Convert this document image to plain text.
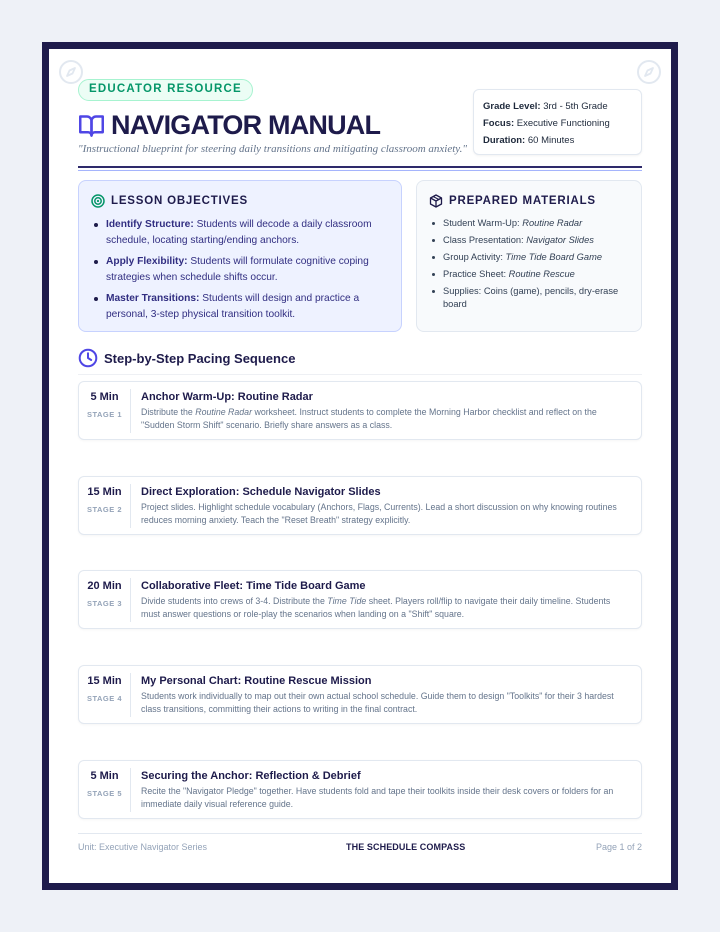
EDUCATOR RESOURCE
NAVIGATOR MANUAL
"Instructional blueprint for steering daily transitions and mitigating classroom anxiety."
Grade Level: 3rd - 5th Grade
Focus: Executive Functioning
Duration: 60 Minutes
LESSON OBJECTIVES
Identify Structure: Students will decode a daily classroom schedule, locating starting/ending anchors.
Apply Flexibility: Students will formulate cognitive coping strategies when schedule shifts occur.
Master Transitions: Students will design and practice a personal, 3-step physical transition toolkit.
PREPARED MATERIALS
Student Warm-Up: Routine Radar
Class Presentation: Navigator Slides
Group Activity: Time Tide Board Game
Practice Sheet: Routine Rescue
Supplies: Coins (game), pencils, dry-erase board
Step-by-Step Pacing Sequence
5 Min
STAGE 1
Anchor Warm-Up: Routine Radar
Distribute the Routine Radar worksheet. Instruct students to complete the Morning Harbor checklist and reflect on the "Sudden Storm Shift" scenario. Briefly share answers as a class.
15 Min
STAGE 2
Direct Exploration: Schedule Navigator Slides
Project slides. Highlight schedule vocabulary (Anchors, Flags, Currents). Lead a short discussion on why knowing routines reduces morning anxiety. Teach the "Reset Breath" strategy explicitly.
20 Min
STAGE 3
Collaborative Fleet: Time Tide Board Game
Divide students into crews of 3-4. Distribute the Time Tide sheet. Players roll/flip to navigate their daily timeline. Students must answer questions or role-play the scenarios when landing on a "Shift" square.
15 Min
STAGE 4
My Personal Chart: Routine Rescue Mission
Students work individually to map out their own actual school schedule. Guide them to design "Toolkits" for their 3 hardest class transitions, committing their actions to writing in the final contract.
5 Min
STAGE 5
Securing the Anchor: Reflection & Debrief
Recite the "Navigator Pledge" together. Have students fold and tape their toolkits inside their desk covers or folders for an immediate daily visual reference guide.
Unit: Executive Navigator Series	THE SCHEDULE COMPASS	Page 1 of 2
